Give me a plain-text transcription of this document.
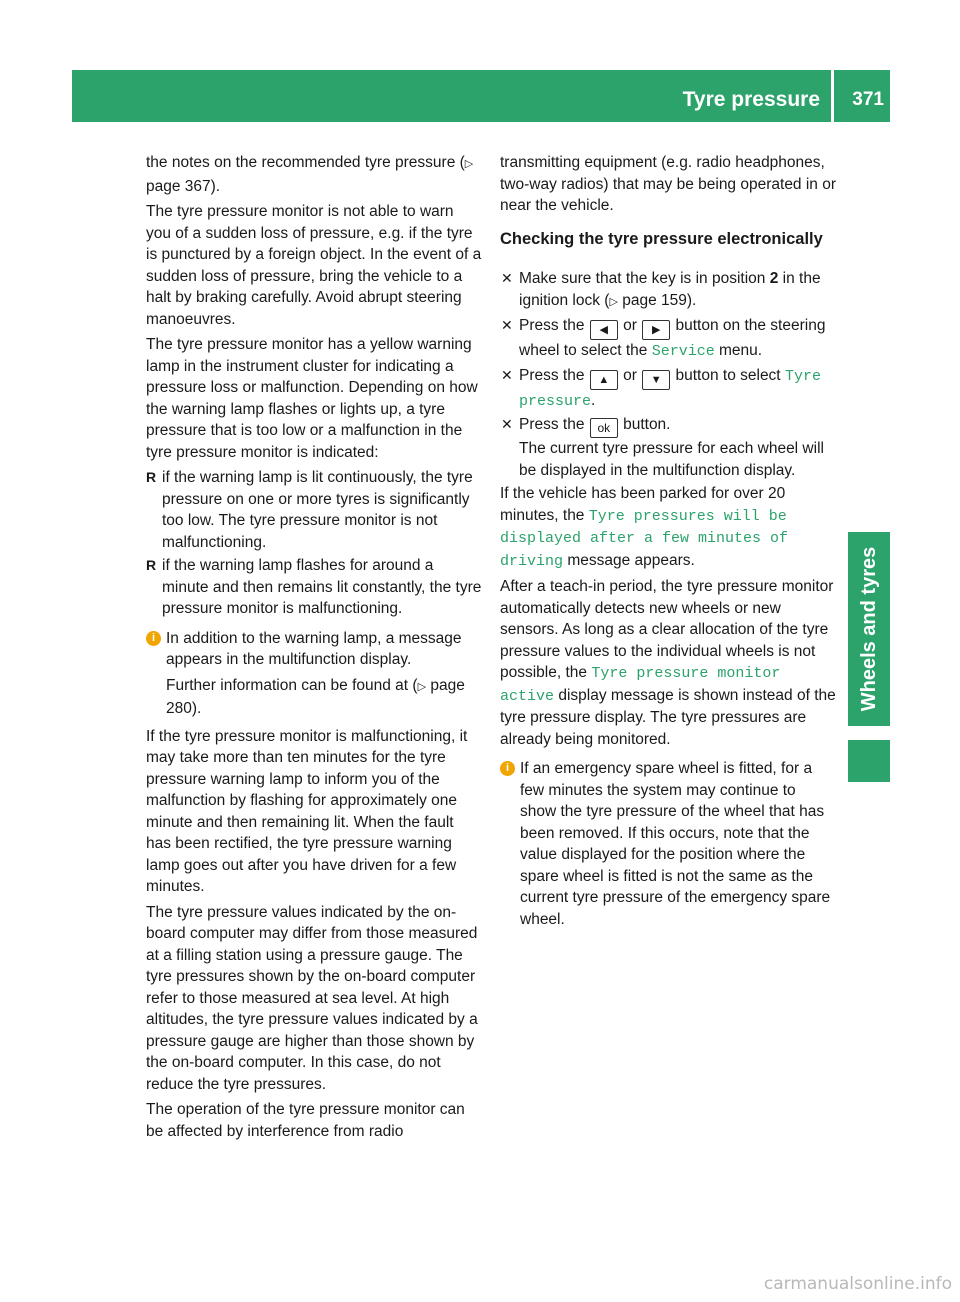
Tyre pressure 371
Wheels and tyres

the notes on the recommended tyre pressure (▷ page 367).

The tyre pressure monitor is not able to warn you of a sudden loss of pressure, e.g. if the tyre is punctured by a foreign object. In the event of a sudden loss of pressure, bring the vehicle to a halt by braking carefully. Avoid abrupt steering manoeuvres.

The tyre pressure monitor has a yellow warning lamp in the instrument cluster for indicating a pressure loss or malfunction. Depending on how the warning lamp flashes or lights up, a tyre pressure that is too low or a malfunction in the tyre pressure monitor is indicated:

R if the warning lamp is lit continuously, the tyre pressure on one or more tyres is significantly too low. The tyre pressure monitor is not malfunctioning.
R if the warning lamp flashes for around a minute and then remains lit constantly, the tyre pressure monitor is malfunctioning.
i In addition to the warning lamp, a message appears in the multifunction display.

Further information can be found at (▷ page 280).

If the tyre pressure monitor is malfunctioning, it may take more than ten minutes for the tyre pressure warning lamp to inform you of the malfunction by flashing for approximately one minute and then remaining lit. When the fault has been rectified, the tyre pressure warning lamp goes out after you have driven for a few minutes.

The tyre pressure values indicated by the on-board computer may differ from those measured at a filling station using a pressure gauge. The tyre pressures shown by the on-board computer refer to those measured at sea level. At high altitudes, the tyre pressure values indicated by a pressure gauge are higher than those shown by the on-board computer. In this case, do not reduce the tyre pressures.

The operation of the tyre pressure monitor can be affected by interference from radio

transmitting equipment (e.g. radio headphones, two-way radios) that may be being operated in or near the vehicle.

Checking the tyre pressure electronically
✕ Make sure that the key is in position 2 in the ignition lock (▷ page 159).
✕ Press the ◀ or ▶ button on the steering wheel to select the Service menu.
✕ Press the ▲ or ▼ button to select Tyre pressure.
✕ Press the ok button.
The current tyre pressure for each wheel will be displayed in the multifunction display.

If the vehicle has been parked for over 20 minutes, the Tyre pressures will be displayed after a few minutes of driving message appears.

After a teach-in period, the tyre pressure monitor automatically detects new wheels or new sensors. As long as a clear allocation of the tyre pressure values to the individual wheels is not possible, the Tyre pressure monitor active display message is shown instead of the tyre pressure display. The tyre pressures are already being monitored.

i If an emergency spare wheel is fitted, for a few minutes the system may continue to show the tyre pressure of the wheel that has been removed. If this occurs, note that the value displayed for the position where the spare wheel is fitted is not the same as the current tyre pressure of the emergency spare wheel.

carmanualsonline.info
